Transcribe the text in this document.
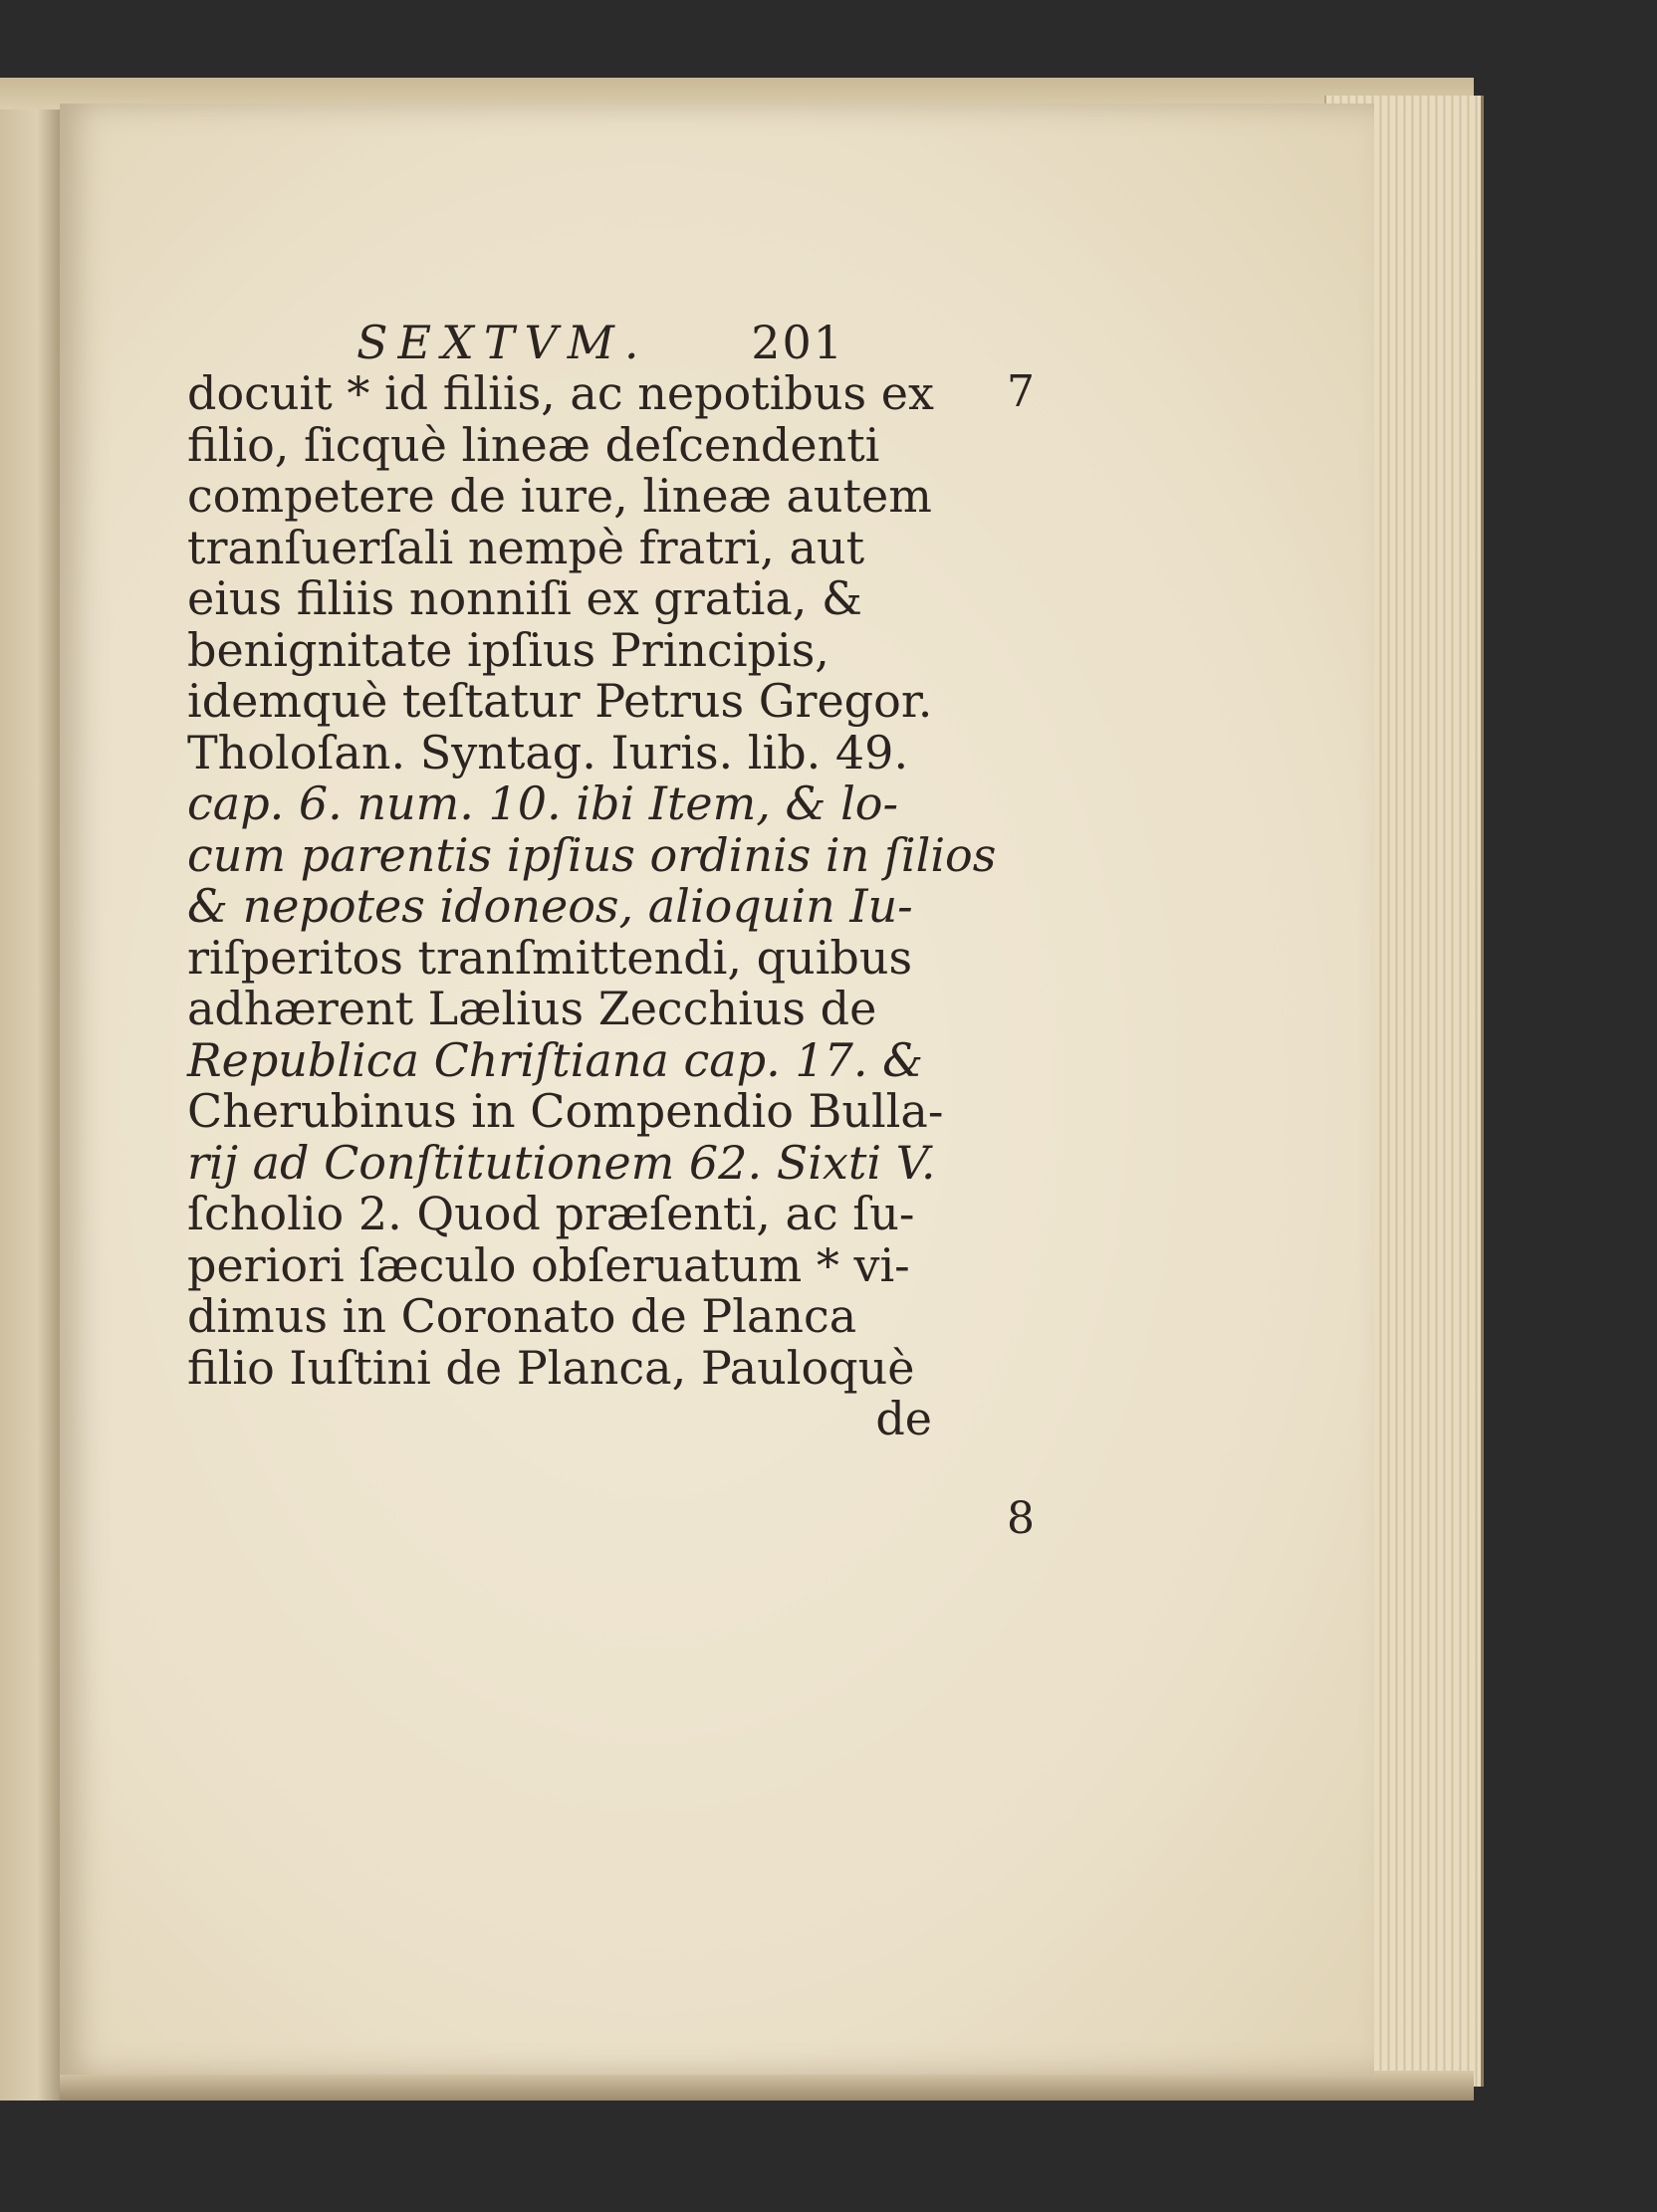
SEXTVM. 201
docuit * id filiis, ac nepotibus ex
filio, ſicquè lineæ deſcendenti
competere de iure, lineæ autem
tranſuerſali nempè fratri, aut
eius filiis nonniſi ex gratia, &
benignitate ipſius Principis,
idemquè teſtatur Petrus Gregor.
Tholoſan. Syntag. Iuris. lib. 49.
cap. 6. num. 10. ibi Item, & lo-
cum parentis ipſius ordinis in ſilios
& nepotes idoneos, alioquin Iu-
riſperitos tranſmittendi, quibus
adhærent Lælius Zecchius de
Republica Chriſtiana cap. 17. &
Cherubinus in Compendio Bulla-
rij ad Conſtitutionem 62. Sixti V.
ſcholio 2. Quod præſenti, ac ſu-
periori ſæculo obſeruatum * vi-
dimus in Coronato de Planca
filio Iuſtini de Planca, Pauloquè
de
7
8
